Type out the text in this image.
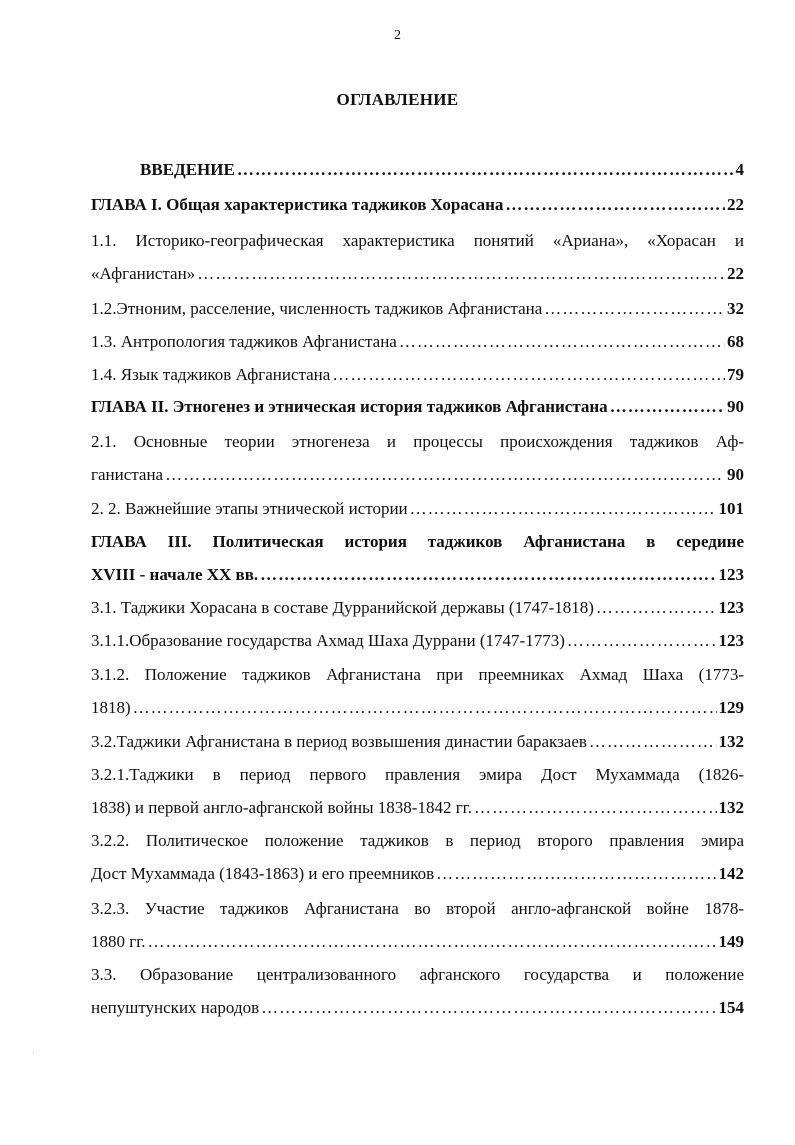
2
ОГЛАВЛЕНИЕ
ВВЕДЕНИЕ ……………………………………………………………………………………………………………………………………………………………………………	4
ГЛАВА I. Общая характеристика таджиков Хорасана ……………………………………………………………………………………………………………………………………………………………………………	22
1.1. Историко-географическая характеристика понятий «Ариана», «Хорасан и
«Афганистан» ……………………………………………………………………………………………………………………………………………………………………………	22
1.2.Этноним, расселение, численность таджиков Афганистана ……………………………………………………………………………………………………………………………………………………………………………	32
1.3. Антропология таджиков Афганистана ……………………………………………………………………………………………………………………………………………………………………………	68
1.4. Язык таджиков Афганистана ……………………………………………………………………………………………………………………………………………………………………………	79
ГЛАВА II. Этногенез и этническая история таджиков Афганистана ……………………………………………………………………………………………………………………………………………………………………………	90
2.1. Основные теории этногенеза и процессы происхождения таджиков Аф-
ганистана ……………………………………………………………………………………………………………………………………………………………………………	90
2. 2. Важнейшие этапы этнической истории ……………………………………………………………………………………………………………………………………………………………………………	101
ГЛАВА III. Политическая история таджиков Афганистана в середине
XVIII - начале XX вв. ……………………………………………………………………………………………………………………………………………………………………………	123
3.1. Таджики Хорасана в составе Дурранийской державы (1747-1818) ……………………………………………………………………………………………………………………………………………………………………………	123
3.1.1.Образование государства Ахмад Шаха Дуррани (1747-1773) ……………………………………………………………………………………………………………………………………………………………………………	123
3.1.2. Положение таджиков Афганистана при преемниках Ахмад Шаха (1773-
1818) ……………………………………………………………………………………………………………………………………………………………………………	129
3.2.Таджики Афганистана в период возвышения династии баракзаев ……………………………………………………………………………………………………………………………………………………………………………	132
3.2.1.Таджики в период первого правления эмира Дост Мухаммада (1826-
1838) и первой англо-афганской войны 1838-1842 гг. ……………………………………………………………………………………………………………………………………………………………………………	132
3.2.2. Политическое положение таджиков в период второго правления эмира
Дост Мухаммада (1843-1863) и его преемников ……………………………………………………………………………………………………………………………………………………………………………	142
3.2.3. Участие таджиков Афганистана во второй англо-афганской войне 1878-
1880 гг. ……………………………………………………………………………………………………………………………………………………………………………	149
3.3. Образование централизованного афганского государства и положение
непуштунских народов ……………………………………………………………………………………………………………………………………………………………………………	154
ˌ
